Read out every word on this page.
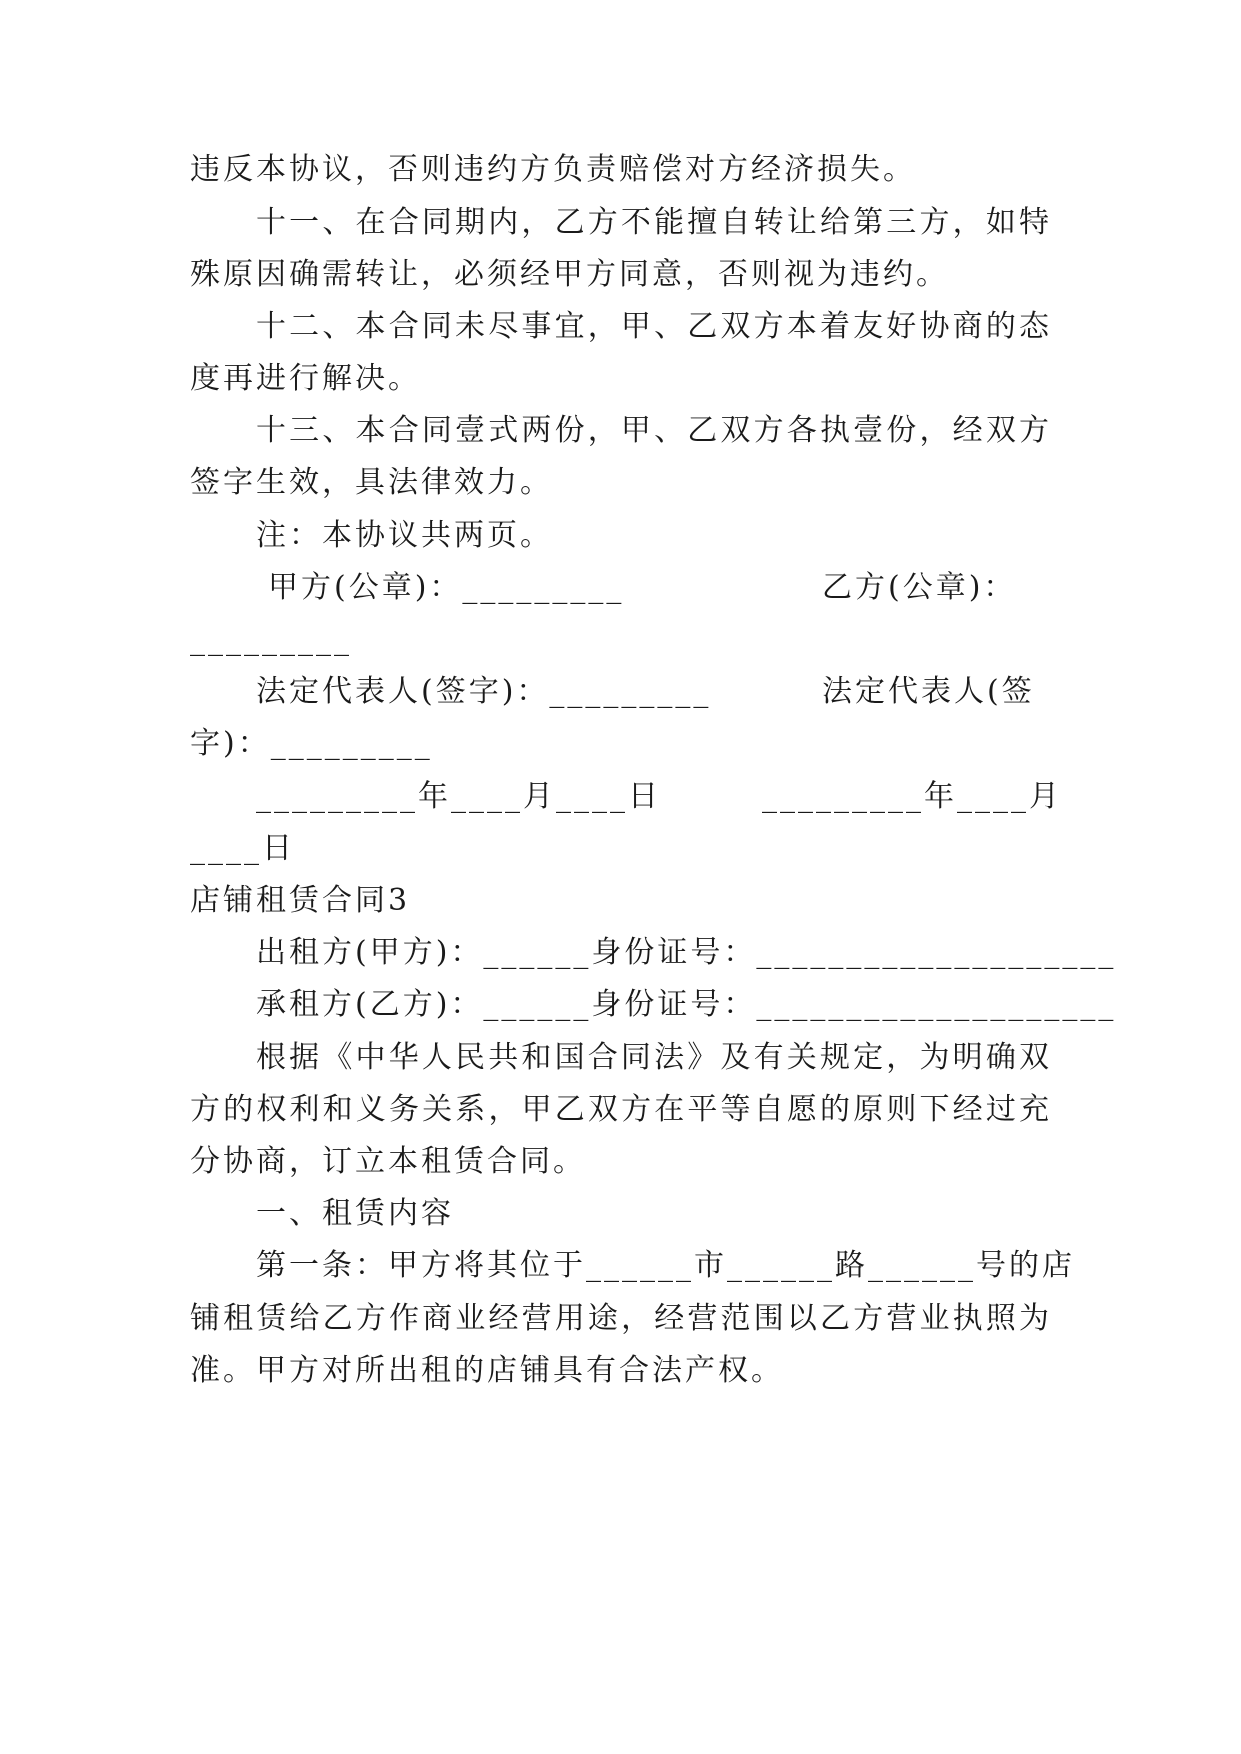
违反本协议，否则违约方负责赔偿对方经济损失。
十一、在合同期内，乙方不能擅自转让给第三方，如特
殊原因确需转让，必须经甲方同意，否则视为违约。
十二、本合同未尽事宜，甲、乙双方本着友好协商的态
度再进行解决。
十三、本合同壹式两份，甲、乙双方各执壹份，经双方
签字生效，具法律效力。
注：本协议共两页。
甲方(公章)：_________	乙方(公章)：
_________
法定代表人(签字)：_________	法定代表人(签
字)：_________
_________年____月____日	_________年____月
____日
店铺租赁合同3
出租方(甲方)：______身份证号：____________________
承租方(乙方)：______身份证号：____________________
根据《中华人民共和国合同法》及有关规定，为明确双
方的权利和义务关系，甲乙双方在平等自愿的原则下经过充
分协商，订立本租赁合同。
一、租赁内容
第一条：甲方将其位于______市______路______号的店
铺租赁给乙方作商业经营用途，经营范围以乙方营业执照为
准。甲方对所出租的店铺具有合法产权。
